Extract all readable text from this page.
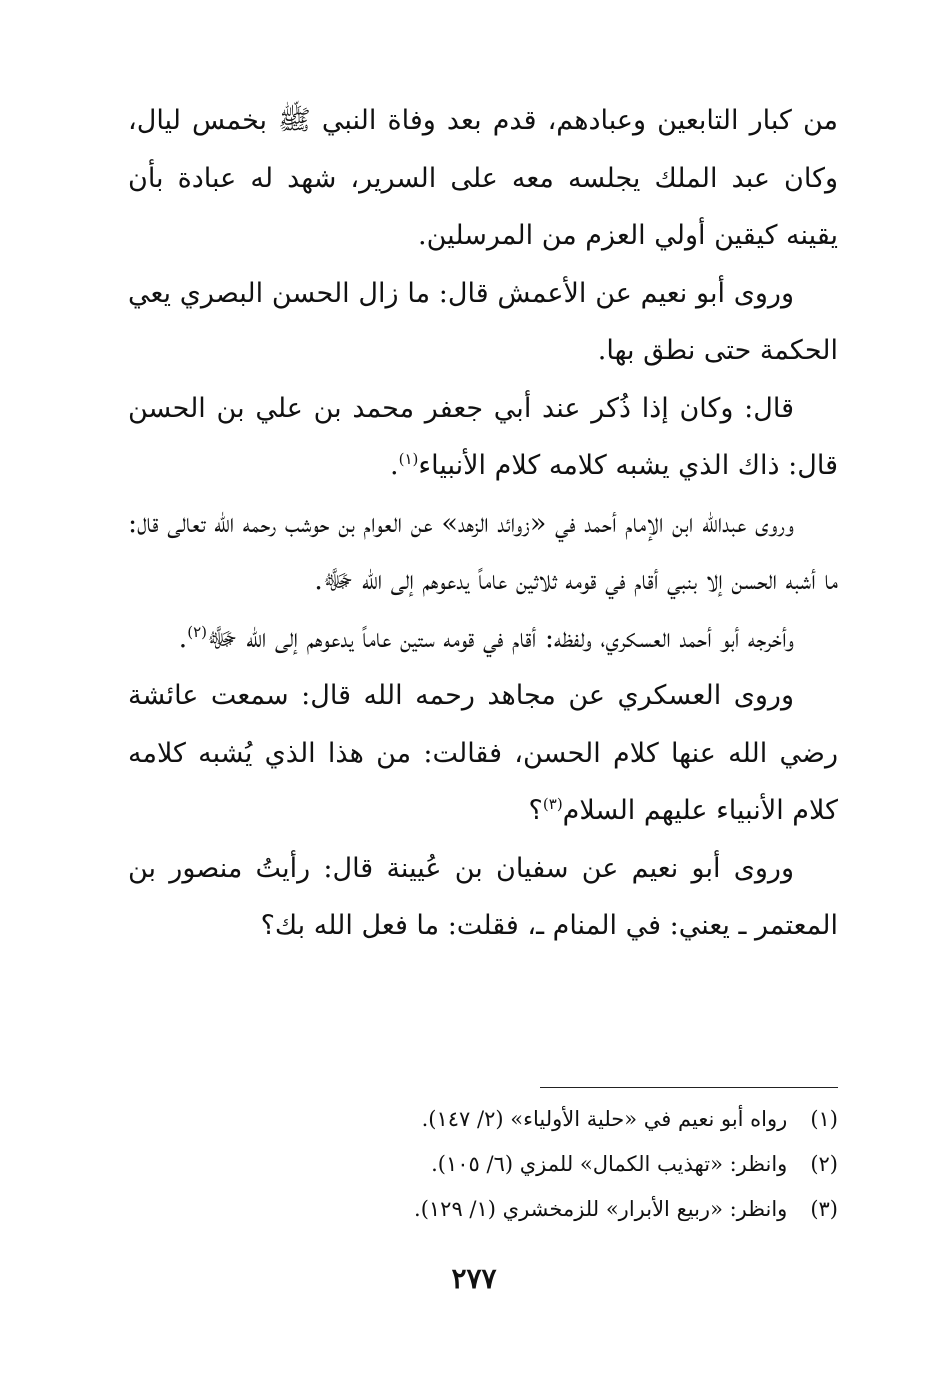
من كبار التابعين وعبادهم، قدم بعد وفاة النبي ﷺ بخمس ليال، وكان عبد الملك يجلسه معه على السرير، شهد له عبادة بأن يقينه كيقين أولي العزم من المرسلين.

وروى أبو نعيم عن الأعمش قال: ما زال الحسن البصري يعي الحكمة حتى نطق بها.

قال: وكان إذا ذُكر عند أبي جعفر محمد بن علي بن الحسن قال: ذاك الذي يشبه كلامه كلام الأنبياء$^{(١)}$.

وروى عبدالله ابن الإمام أحمد في «زوائد الزهد» عن العوام بن حوشب رحمه الله تعالى قال: ما أشبه الحسن إلا بنبي أقام في قومه ثلاثين عاماً يدعوهم إلى الله ﷻ.

وأخرجه أبو أحمد العسكري، ولفظه: أقام في قومه ستين عاماً يدعوهم إلى الله ﷻ$^{(٢)}$.

وروى العسكري عن مجاهد رحمه الله قال: سمعت عائشة رضي الله عنها كلام الحسن، فقالت: من هذا الذي يُشبه كلامه كلام الأنبياء عليهم السلام$^{(٣)}$؟

وروى أبو نعيم عن سفيان بن عُيينة قال: رأيتُ منصور بن المعتمر ـ يعني: في المنام ـ، فقلت: ما فعل الله بك؟

(١) رواه أبو نعيم في «حلية الأولياء» (٢/ ١٤٧).
(٢) وانظر: «تهذيب الكمال» للمزي (٦/ ١٠٥).
(٣) وانظر: «ربيع الأبرار» للزمخشري (١/ ١٢٩).
٢٧٧
